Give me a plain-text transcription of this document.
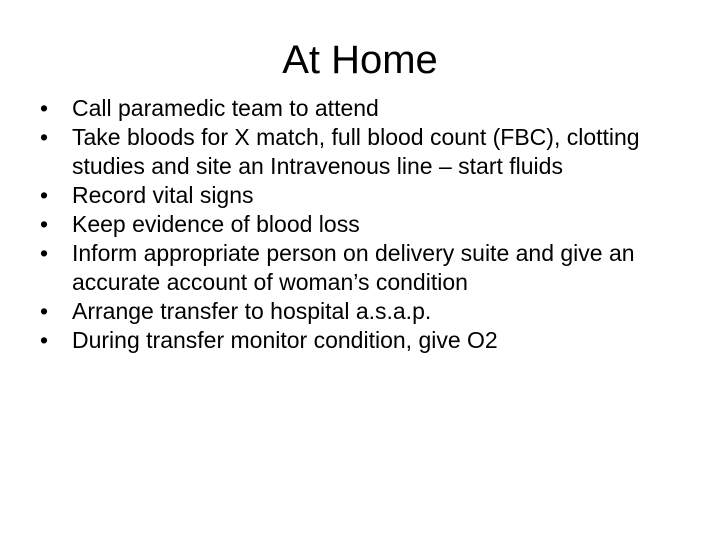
At Home
• Call paramedic team to attend
• Take bloods for X match, full blood count (FBC), clotting studies and site an Intravenous line – start fluids
• Record vital signs
• Keep evidence of blood loss
• Inform appropriate person on delivery suite and give an accurate account of woman’s condition
• Arrange transfer to hospital a.s.a.p.
• During transfer monitor condition, give O2
